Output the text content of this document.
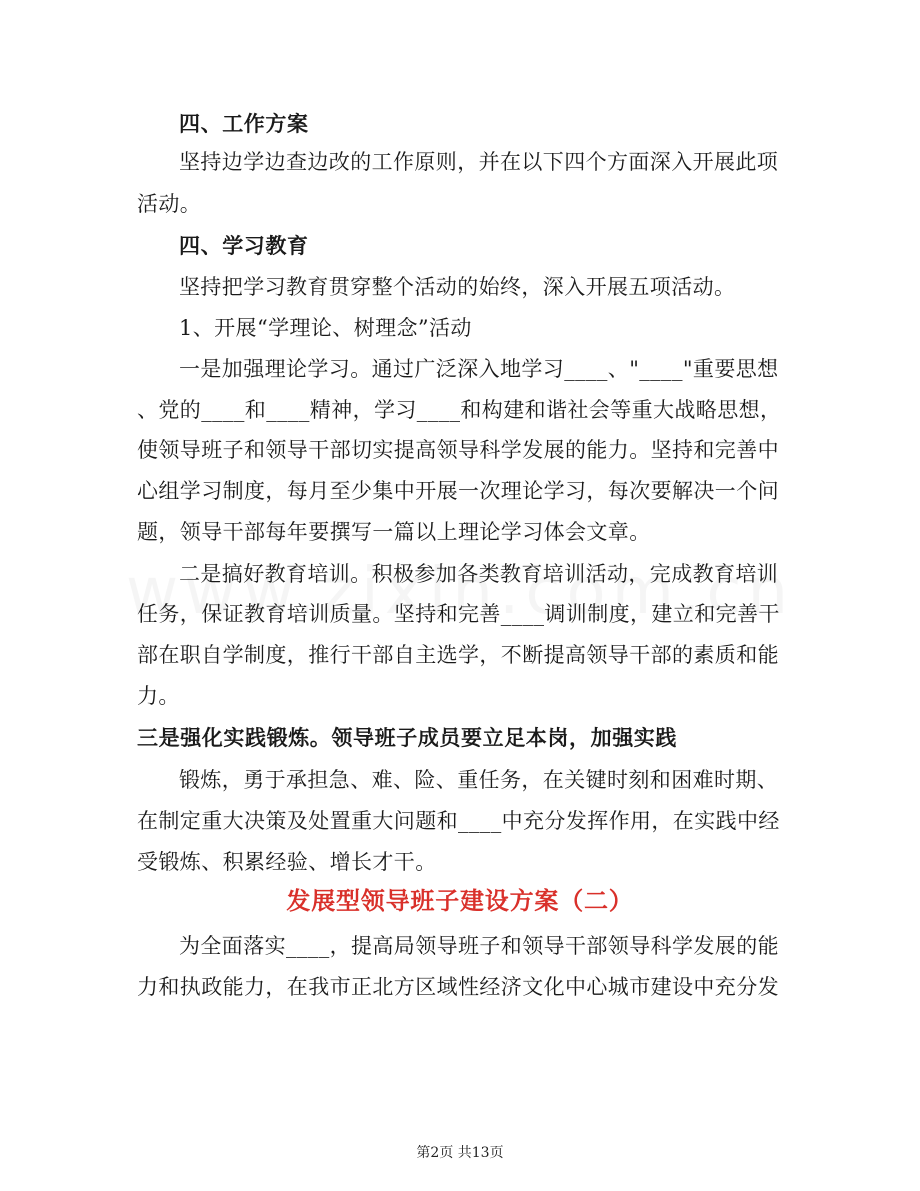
四、工作方案
坚持边学边查边改的工作原则，并在以下四个方面深入开展此项
活动。
四、学习教育
坚持把学习教育贯穿整个活动的始终，深入开展五项活动。
1、开展“学理论、树理念”活动
一是加强理论学习。通过广泛深入地学习____、"____"重要思想
、党的____和____精神，学习____和构建和谐社会等重大战略思想，
使领导班子和领导干部切实提高领导科学发展的能力。坚持和完善中
心组学习制度，每月至少集中开展一次理论学习，每次要解决一个问
题，领导干部每年要撰写一篇以上理论学习体会文章。
二是搞好教育培训。积极参加各类教育培训活动，完成教育培训
任务，保证教育培训质量。坚持和完善____调训制度，建立和完善干
部在职自学制度，推行干部自主选学，不断提高领导干部的素质和能
力。
三是强化实践锻炼。领导班子成员要立足本岗，加强实践
锻炼，勇于承担急、难、险、重任务，在关键时刻和困难时期、
在制定重大决策及处置重大问题和____中充分发挥作用，在实践中经
受锻炼、积累经验、增长才干。
发展型领导班子建设方案（二）
为全面落实____，提高局领导班子和领导干部领导科学发展的能
力和执政能力，在我市正北方区域性经济文化中心城市建设中充分发
第2页 共13页
